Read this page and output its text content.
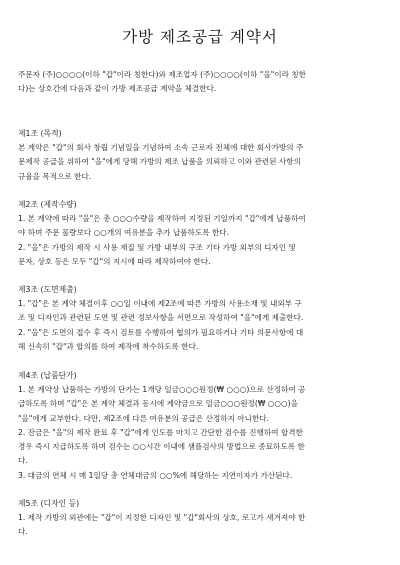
가방 제조공급 계약서
주문자 (주)○○○○(이하 "갑"이라 칭한다)와 제조업자 (주)○○○○(이하 "을"이라 칭한
다)는 상호간에 다음과 같이 가방 제조공급 계약을 체결한다.
제1조 (목적)
본 계약은 "갑"의 회사 창립 기념일을 기념하여 소속 근로자 전체에 대한 회사가방의 주
문제작 공급을 위하여 "을"에게 당해 가방의 제조 납품을 의뢰하고 이와 관련된 사항의
규율을 목적으로 한다.
제2조 (제작수량)
1. 본 계약에 따라 "을"은 총 ○○○수량을 제작하여 지정된 기일까지 "갑"에게 납품하여
야 하며 주문 물량보다 ○○개의 여유분을 추가 납품하도록 한다.
2. "을"은 가방의 제작 시 사용 재질 및 가방 내부의 구조 기타 가방 외부의 디자인 및
문자, 상호 등은 모두 "갑"의 지시에 따라 제작하여야 한다.
제3조 (도면제출)
1. "갑"은 본 계약 체결이후 ○○일 이내에 제2조에 따른 가방의 사용소재 및 내외부 구
조 및 디자인과 관련된 도면 및 관련 정보사항을 서면으로 작성하여 "을"에게 제출한다.
2. "을"은 도면의 접수 후 즉시 검토를 수행하여 협의가 필요하거나 기타 의문사항에 대
해 신속히 "갑"과 합의를 하여 제작에 착수하도록 한다.
제4조 (납품단가)
1. 본 계약상 납품하는 가방의 단가는 1개당 일금○○○원정(₩ ○○○)으로 산정하여 공
급하도록 하며 "갑"은 본 계약 체결과 동시에 계약금으로 일금○○○원정(₩ ○○○)을
"을"에게 교부한다. 다만, 제2조에 다른 여유분의 공급은 산정하지 아니한다.
2. 잔금은 "을"의 제작 완료 후 "갑"에게 인도를 마치고 간단한 검수를 진행하여 합격한
경우 즉시 지급하도록 하며 검수는 ○○시간 이내에 샘플검사의 방법으로 종료하도록 한
다.
3. 대금의 연체 시 매 1일당 총 연체대금의 ○○%에 해당하는 지연이자가 가산된다.
제5조 (디자인 등)
1. 제작 가방의 외관에는 "갑"이 지정한 디자인 및 "갑"회사의 상호, 로고가 새겨져야 한
다.
